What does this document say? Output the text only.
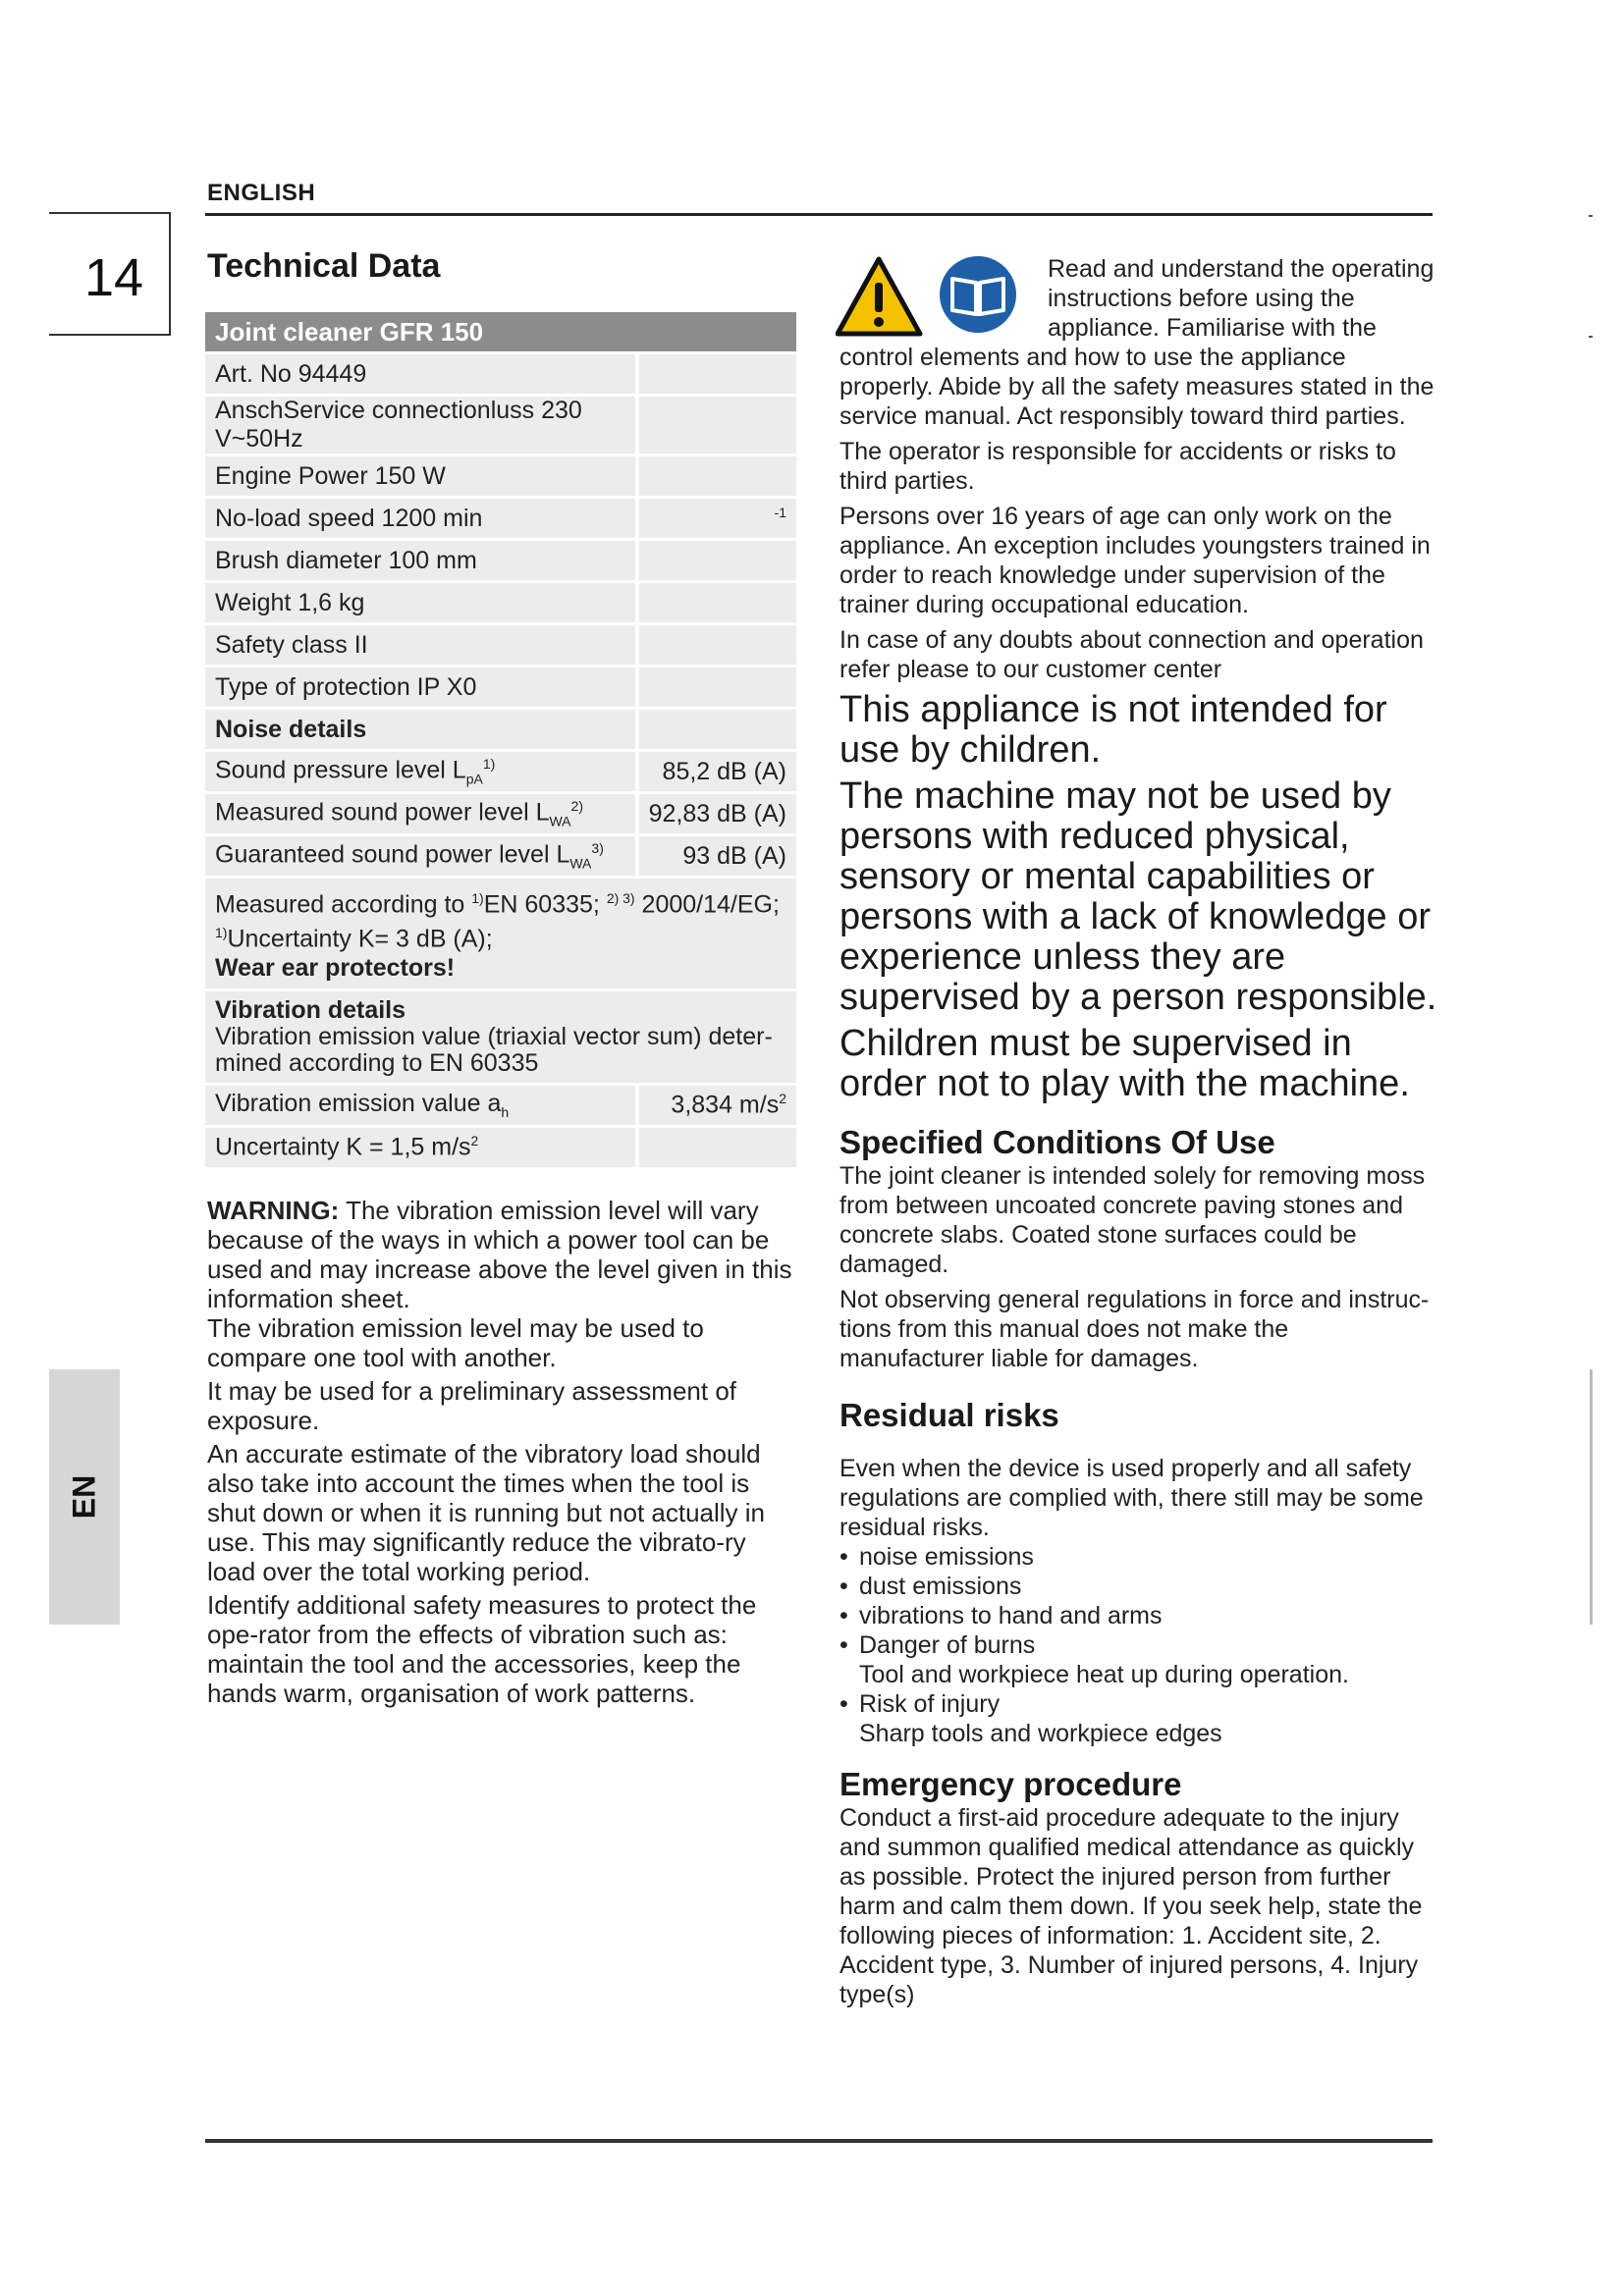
ENGLISH
14
EN
Technical Data
Joint cleaner GFR 150	
Art. No 94449	
AnschService connectionluss 230 V~50Hz	
Engine Power 150 W	
No-load speed 1200 min	$^{-1}$
Brush diameter 100 mm	
Weight 1,6 kg	
Safety class II	
Type of protection IP X0	
Noise details	
Sound pressure level $L_{pA}^{1)}$	85,2 dB (A)
Measured sound power level $L_{WA}^{2)}$	92,83 dB (A)
Guaranteed sound power level $L_{WA}^{3)}$	93 dB (A)
Measured according to $^{1)}$EN 60335; $^{2) 3)}$ 2000/14/EG;
$^{1)}$Uncertainty K= 3 dB (A);
Wear ear protectors!	
Vibration details
Vibration emission value (triaxial vector sum) deter-
mined according to EN 60335	
Vibration emission value $a_h$	3,834 $m/s^2$
Uncertainty K = 1,5 $m/s^2$	

WARNING: The vibration emission level will vary because of the ways in which a power tool can be used and may increase above the level given in this information sheet.
The vibration emission level may be used to compare one tool with another.

It may be used for a preliminary assessment of exposure.

An accurate estimate of the vibratory load should also take into account the times when the tool is shut down or when it is running but not actually in use. This may significantly reduce the vibrato-ry load over the total working period.

Identify additional safety measures to protect the ope-rator from the effects of vibration such as: maintain the tool and the accessories, keep the hands warm, organisation of work patterns.

Read and understand the operating
instructions before using the
appliance. Familiarise with the
control elements and how to use the appliance properly. Abide by all the safety measures stated in the service manual. Act responsibly toward third parties.

The operator is responsible for accidents or risks to third parties.

Persons over 16 years of age can only work on the appliance. An exception includes youngsters trained in order to reach knowledge under supervision of the trainer during occupational education.

In case of any doubts about connection and operation refer please to our customer center

This appliance is not intended for use by children.

The machine may not be used by persons with reduced physical, sensory or mental capabilities or persons with a lack of knowledge or experience unless they are supervised by a person responsible.

Children must be supervised in order not to play with the machine.

Specified Conditions Of Use

The joint cleaner is intended solely for removing moss from between uncoated concrete paving stones and concrete slabs. Coated stone surfaces could be damaged.

Not observing general regulations in force and instruc-tions from this manual does not make the manufacturer liable for damages.

Residual risks

Even when the device is used properly and all safety regulations are complied with, there still may be some residual risks.

• noise emissions
• dust emissions
• vibrations to hand and arms
• Danger of burns
Tool and workpiece heat up during operation.
• Risk of injury
Sharp tools and workpiece edges
Emergency procedure

Conduct a first-aid procedure adequate to the injury and summon qualified medical attendance as quickly as possible. Protect the injured person from further harm and calm them down. If you seek help, state the following pieces of information: 1. Accident site, 2. Accident type, 3. Number of injured persons, 4. Injury type(s)
